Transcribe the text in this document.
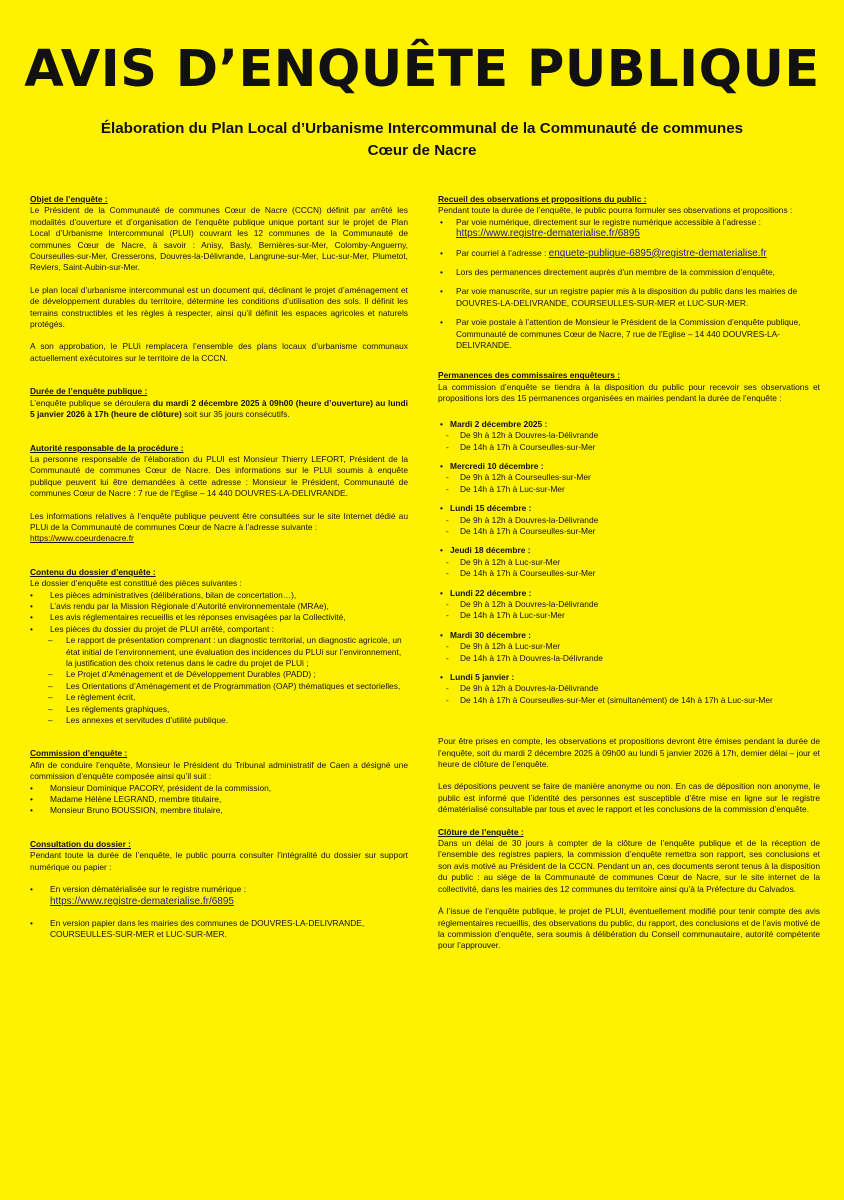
AVIS D’ENQUÊTE PUBLIQUE
Élaboration du Plan Local d’Urbanisme Intercommunal de la Communauté de communes
Cœur de Nacre
Objet de l’enquête :

Le Président de la Communauté de communes Cœur de Nacre (CCCN) définit par arrêté les modalités d’ouverture et d’organisation de l’enquête publique unique portant sur le projet de Plan Local d’Urbanisme Intercommunal (PLUI) couvrant les 12 communes de la Communauté de communes Cœur de Nacre, à savoir : Anisy, Basly, Bernières-sur-Mer, Colomby-Anguerny, Courseulles-sur-Mer, Cresserons, Douvres-la-Délivrande, Langrune-sur-Mer, Luc-sur-Mer, Plumetot, Reviers, Saint-Aubin-sur-Mer.

Le plan local d’urbanisme intercommunal est un document qui, déclinant le projet d’aménagement et de développement durables du territoire, détermine les conditions d’utilisation des sols. Il définit les terrains constructibles et les règles à respecter, ainsi qu’il définit les espaces agricoles et naturels protégés.

A son approbation, le PLUi remplacera l’ensemble des plans locaux d’urbanisme communaux actuellement exécutoires sur le territoire de la CCCN.

Durée de l’enquête publique :

L’enquête publique se déroulera du mardi 2 décembre 2025 à 09h00 (heure d’ouverture) au lundi 5 janvier 2026 à 17h (heure de clôture) soit sur 35 jours consécutifs.

Autorité responsable de la procédure :

La personne responsable de l’élaboration du PLUI est Monsieur Thierry LEFORT, Président de la Communauté de communes Cœur de Nacre. Des informations sur le PLUi soumis à enquête publique peuvent lui être demandées à cette adresse : Monsieur le Président, Communauté de communes Cœur de Nacre : 7 rue de l’Eglise – 14 440 DOUVRES-LA-DELIVRANDE.

Les informations relatives à l’enquête publique peuvent être consultées sur le site Internet dédié au PLUi de la Communauté de communes Cœur de Nacre à l’adresse suivante :

https://www.coeurdenacre.fr
Contenu du dossier d’enquête :
Le dossier d’enquête est constitué des pièces suivantes :
• Les pièces administratives (délibérations, bilan de concertation…),
• L’avis rendu par la Mission Régionale d’Autorité environnementale (MRAe),
• Les avis réglementaires recueillis et les réponses envisagées par la Collectivité,
• Les pièces du dossier du projet de PLUI arrêté, comportant :
– Le rapport de présentation comprenant : un diagnostic territorial, un diagnostic agricole, un état initial de l’environnement, une évaluation des incidences du PLUi sur l’environnement, la justification des choix retenus dans le cadre du projet de PLUi ;
– Le Projet d’Aménagement et de Développement Durables (PADD) ;
– Les Orientations d’Aménagement et de Programmation (OAP) thématiques et sectorielles,
– Le règlement écrit,
– Les règlements graphiques,
– Les annexes et servitudes d’utilité publique.
Commission d’enquête :

Afin de conduire l’enquête, Monsieur le Président du Tribunal administratif de Caen a désigné une commission d’enquête composée ainsi qu’il suit :

• Monsieur Dominique PACORY, président de la commission,
• Madame Hélène LEGRAND, membre titulaire,
• Monsieur Bruno BOUSSION, membre titulaire,
Consultation du dossier :

Pendant toute la durée de l’enquête, le public pourra consulter l’intégralité du dossier sur support numérique ou papier :

• En version dématérialisée sur le registre numérique :
https://www.registre-dematerialise.fr/6895
• En version papier dans les mairies des communes de DOUVRES-LA-DELIVRANDE, COURSEULLES-SUR-MER et LUC-SUR-MER.
Recueil des observations et propositions du public :

Pendant toute la durée de l’enquête, le public pourra formuler ses observations et propositions :

• Par voie numérique, directement sur le registre numérique accessible à l’adresse :
https://www.registre-dematerialise.fr/6895
• Par courriel à l’adresse : enquete-publique-6895@registre-dematerialise.fr
• Lors des permanences directement auprès d’un membre de la commission d’enquête,
• Par voie manuscrite, sur un registre papier mis à la disposition du public dans les mairies de DOUVRES-LA-DELIVRANDE, COURSEULLES-SUR-MER et LUC-SUR-MER.
• Par voie postale à l’attention de Monsieur le Président de la Commission d’enquête publique, Communauté de communes Cœur de Nacre, 7 rue de l’Eglise – 14 440 DOUVRES-LA-DELIVRANDE.
Permanences des commissaires enquêteurs :

La commission d’enquête se tiendra à la disposition du public pour recevoir ses observations et propositions lors des 15 permanences organisées en mairies pendant la durée de l’enquête :

• Mardi 2 décembre 2025 :
- De 9h à 12h à Douvres-la-Délivrande
- De 14h à 17h à Courseulles-sur-Mer
• Mercredi 10 décembre :
- De 9h à 12h à Courseulles-sur-Mer
- De 14h à 17h à Luc-sur-Mer
• Lundi 15 décembre :
- De 9h à 12h à Douvres-la-Délivrande
- De 14h à 17h à Courseulles-sur-Mer
• Jeudi 18 décembre :
- De 9h à 12h à Luc-sur-Mer
- De 14h à 17h à Courseulles-sur-Mer
• Lundi 22 décembre :
- De 9h à 12h à Douvres-la-Délivrande
- De 14h à 17h à Luc-sur-Mer
• Mardi 30 décembre :
- De 9h à 12h à Luc-sur-Mer
- De 14h à 17h à Douvres-la-Délivrande
• Lundi 5 janvier :
- De 9h à 12h à Douvres-la-Délivrande
- De 14h à 17h à Courseulles-sur-Mer et (simultanément) de 14h à 17h à Luc-sur-Mer

Pour être prises en compte, les observations et propositions devront être émises pendant la durée de l’enquête, soit du mardi 2 décembre 2025 à 09h00 au lundi 5 janvier 2026 à 17h, dernier délai – jour et heure de clôture de l’enquête.

Les dépositions peuvent se faire de manière anonyme ou non. En cas de déposition non anonyme, le public est informé que l’identité des personnes est susceptible d’être mise en ligne sur le registre dématérialisé consultable par tous et avec le rapport et les conclusions de la commission d’enquête.

Clôture de l’enquête :

Dans un délai de 30 jours à compter de la clôture de l’enquête publique et de la réception de l’ensemble des registres papiers, la commission d’enquête remettra son rapport, ses conclusions et son avis motivé au Président de la CCCN. Pendant un an, ces documents seront tenus à la disposition du public : au siège de la Communauté de communes Cœur de Nacre, sur le site internet de la collectivité, dans les mairies des 12 communes du territoire ainsi qu’à la Préfecture du Calvados.

À l’issue de l’enquête publique, le projet de PLUI, éventuellement modifié pour tenir compte des avis réglementaires recueillis, des observations du public, du rapport, des conclusions et de l’avis motivé de la commission d’enquête, sera soumis à délibération du Conseil communautaire, autorité compétente pour l’approuver.
